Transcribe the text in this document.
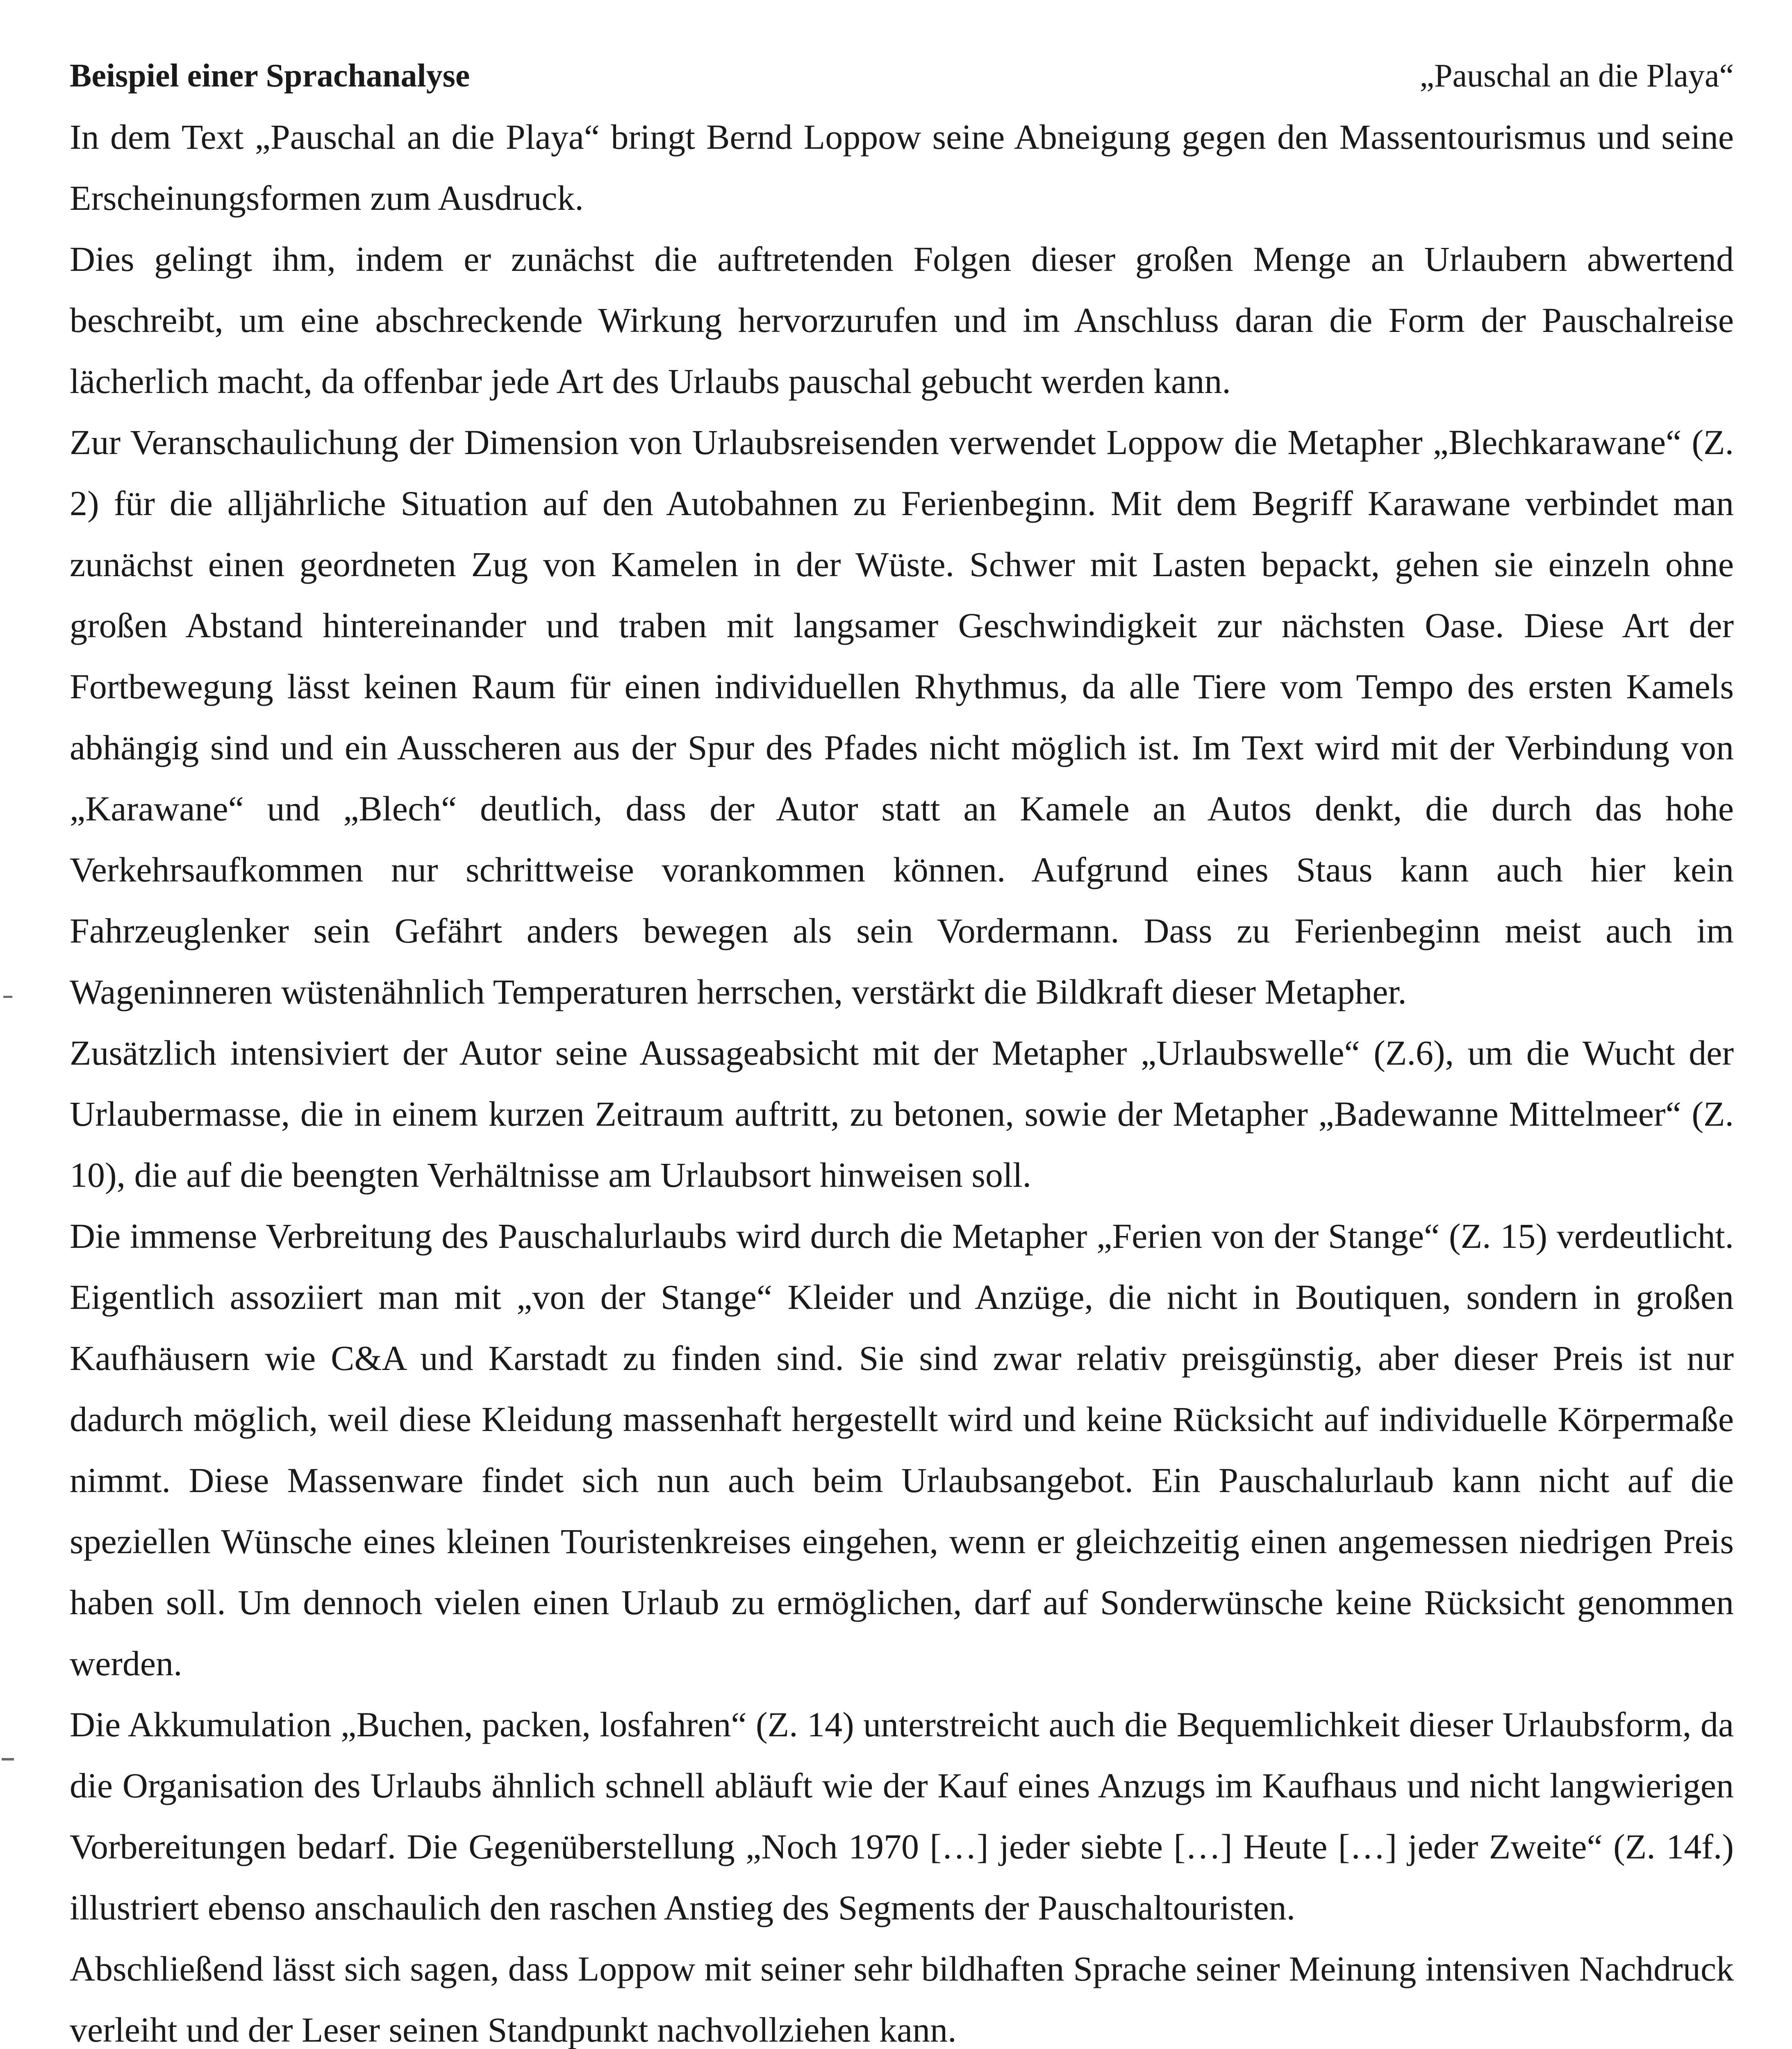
Beispiel einer Sprachanalyse	„Pauschal an die Playa“

In dem Text „Pauschal an die Playa“ bringt Bernd Loppow seine Abneigung gegen den Massentourismus und seine Erscheinungsformen zum Ausdruck.

Dies gelingt ihm, indem er zunächst die auftretenden Folgen dieser großen Menge an Urlaubern abwertend beschreibt, um eine abschreckende Wirkung hervorzurufen und im Anschluss daran die Form der Pauschalreise lächerlich macht, da offenbar jede Art des Urlaubs pauschal gebucht werden kann.

Zur Veranschaulichung der Dimension von Urlaubsreisenden verwendet Loppow die Metapher „Blechkarawane“ (Z. 2) für die alljährliche Situation auf den Autobahnen zu Ferienbeginn. Mit dem Begriff Karawane verbindet man zunächst einen geordneten Zug von Kamelen in der Wüste. Schwer mit Lasten bepackt, gehen sie einzeln ohne großen Abstand hintereinander und traben mit langsamer Geschwindigkeit zur nächsten Oase. Diese Art der Fortbewegung lässt keinen Raum für einen individuellen Rhythmus, da alle Tiere vom Tempo des ersten Kamels abhängig sind und ein Ausscheren aus der Spur des Pfades nicht möglich ist. Im Text wird mit der Verbindung von „Karawane“ und „Blech“ deutlich, dass der Autor statt an Kamele an Autos denkt, die durch das hohe Verkehrsaufkommen nur schrittweise vorankommen können. Aufgrund eines Staus kann auch hier kein Fahrzeuglenker sein Gefährt anders bewegen als sein Vordermann. Dass zu Ferienbeginn meist auch im Wageninneren wüstenähnlich Temperaturen herrschen, verstärkt die Bildkraft dieser Metapher.

Zusätzlich intensiviert der Autor seine Aussageabsicht mit der Metapher „Urlaubswelle“ (Z.6), um die Wucht der Urlaubermasse, die in einem kurzen Zeitraum auftritt, zu betonen, sowie der Metapher „Badewanne Mittelmeer“ (Z. 10), die auf die beengten Verhältnisse am Urlaubsort hinweisen soll.

Die immense Verbreitung des Pauschalurlaubs wird durch die Metapher „Ferien von der Stange“ (Z. 15) verdeutlicht. Eigentlich assoziiert man mit „von der Stange“ Kleider und Anzüge, die nicht in Boutiquen, sondern in großen Kaufhäusern wie C&A und Karstadt zu finden sind. Sie sind zwar relativ preisgünstig, aber dieser Preis ist nur dadurch möglich, weil diese Kleidung massenhaft hergestellt wird und keine Rücksicht auf individuelle Körpermaße nimmt. Diese Massenware findet sich nun auch beim Urlaubsangebot. Ein Pauschalurlaub kann nicht auf die speziellen Wünsche eines kleinen Touristenkreises eingehen, wenn er gleichzeitig einen angemessen niedrigen Preis haben soll. Um dennoch vielen einen Urlaub zu ermöglichen, darf auf Sonderwünsche keine Rücksicht genommen werden.

Die Akkumulation „Buchen, packen, losfahren“ (Z. 14) unterstreicht auch die Bequemlichkeit dieser Urlaubsform, da die Organisation des Urlaubs ähnlich schnell abläuft wie der Kauf eines Anzugs im Kaufhaus und nicht langwierigen Vorbereitungen bedarf. Die Gegenüberstellung „Noch 1970 […] jeder siebte […] Heute […] jeder Zweite“ (Z. 14f.) illustriert ebenso anschaulich den raschen Anstieg des Segments der Pauschaltouristen.

Abschließend lässt sich sagen, dass Loppow mit seiner sehr bildhaften Sprache seiner Meinung intensiven Nachdruck verleiht und der Leser seinen Standpunkt nachvollziehen kann.
